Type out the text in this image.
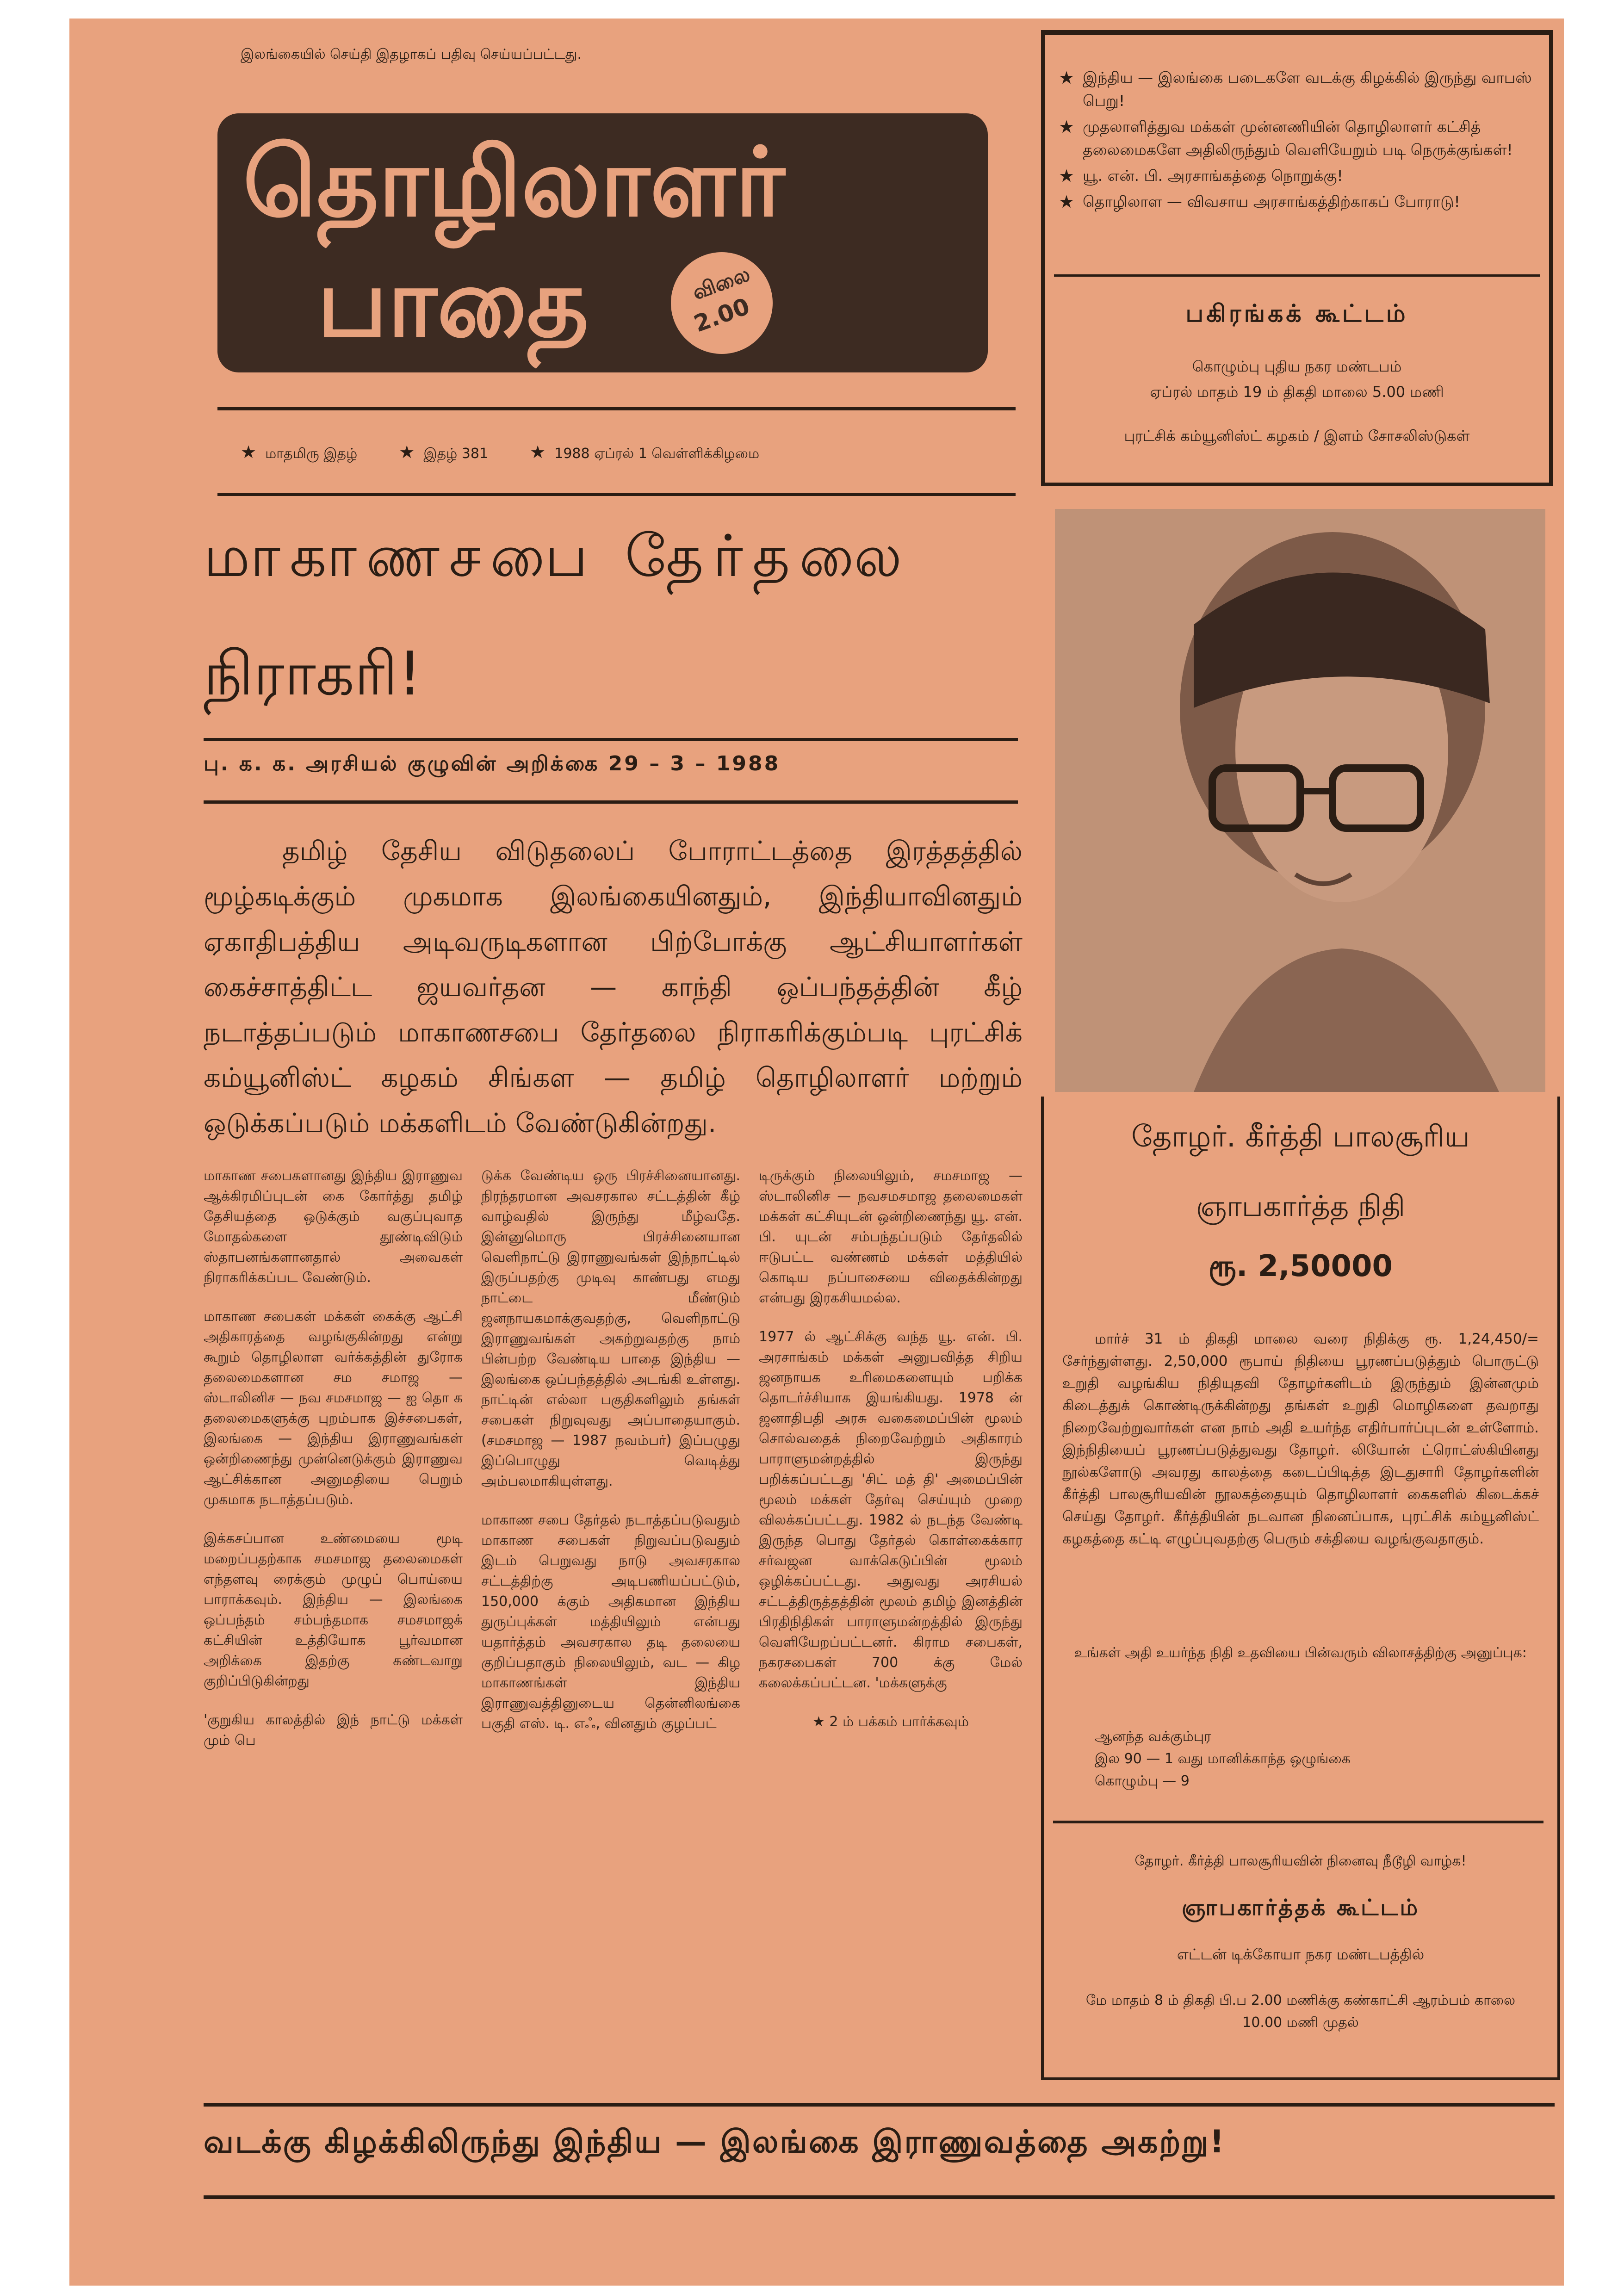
இலங்கையில் செய்தி இதழாகப் பதிவு செய்யப்பட்டது.
தொழிலாளர்
பாதை	விலை
2.00
★ மாதமிரு இதழ் ★ இதழ் 381 ★ 1988 ஏப்ரல் 1 வெள்ளிக்கிழமை
★ இந்திய — இலங்கை படைகளே வடக்கு கிழக்கில் இருந்து வாபஸ் பெறு!
★ முதலாளித்துவ மக்கள் முன்னணியின் தொழிலாளர் கட்சித் தலைமைகளே அதிலிருந்தும் வெளியேறும் படி நெருக்குங்கள்!
★ யூ. என். பி. அரசாங்கத்தை நொறுக்கு!
★ தொழிலாள — விவசாய அரசாங்கத்திற்காகப் போராடு!
பகிரங்கக் கூட்டம்
கொழும்பு புதிய நகர மண்டபம்
ஏப்ரல் மாதம் 19 ம் திகதி மாலை 5.00 மணி
புரட்சிக் கம்யூனிஸ்ட் கழகம் / இளம் சோசலிஸ்டுகள்
மாகாணசபை தேர்தலை
நிராகரி!
பு. க. க. அரசியல் குழுவின் அறிக்கை 29 – 3 – 1988
தமிழ் தேசிய விடுதலைப் போராட்டத்தை இரத்தத்தில் மூழ்கடிக்கும் முகமாக இலங்கையினதும், இந்தியாவினதும் ஏகாதிபத்திய அடிவருடிகளான பிற்போக்கு ஆட்சியாளர்கள் கைச்சாத்திட்ட ஜயவர்தன — காந்தி ஒப்பந்தத்தின் கீழ் நடாத்தப்படும் மாகாணசபை தேர்தலை நிராகரிக்கும்படி புரட்சிக் கம்யூனிஸ்ட் கழகம் சிங்கள — தமிழ் தொழிலாளர் மற்றும் ஒடுக்கப்படும் மக்களிடம் வேண்டுகின்றது.

மாகாண சபைகளானது இந்திய இராணுவ ஆக்கிரமிப்புடன் கை கோர்த்து தமிழ் தேசியத்தை ஒடுக்கும் வகுப்புவாத மோதல்களை தூண்டிவிடும் ஸ்தாபனங்களானதால் அவைகள் நிராகரிக்கப்பட வேண்டும்.

மாகாண சபைகள் மக்கள் கைக்கு ஆட்சி அதிகாரத்தை வழங்குகின்றது என்று கூறும் தொழிலாள வர்க்கத்தின் துரோக தலைமைகளான சம சமாஜ — ஸ்டாலினிச — நவ சமசமாஜ — ஐ தொ க தலைமைகளுக்கு புறம்பாக இச்சபைகள், இலங்கை — இந்திய இராணுவங்கள் ஒன்றிணைந்து முன்னெடுக்கும் இராணுவ ஆட்சிக்கான அனுமதியை பெறும் முகமாக நடாத்தப்படும்.

இக்கசப்பான உண்மையை மூடி மறைப்பதற்காக சமசமாஜ தலைமைகள் எந்தளவு ரைக்கும் முழுப் பொய்யை பாராக்கவும். இந்திய — இலங்கை ஒப்பந்தம் சம்பந்தமாக சமசமாஜக் கட்சியின் உத்தியோக பூர்வமான அறிக்கை இதற்கு கண்டவாறு குறிப்பிடுகின்றது

'குறுகிய காலத்தில் இந் நாட்டு மக்கள் மும் பெ

டுக்க வேண்டிய ஒரு பிரச்சினையானது. நிரந்தரமான அவசரகால சட்டத்தின் கீழ் வாழ்வதில் இருந்து மீழ்வதே. இன்னுமொரு பிரச்சினையான வெளிநாட்டு இராணுவங்கள் இந்நாட்டில் இருப்பதற்கு முடிவு காண்பது எமது நாட்டை மீண்டும் ஜனநாயகமாக்குவதற்கு, வெளிநாட்டு இராணுவங்கள் அகற்றுவதற்கு நாம் பின்பற்ற வேண்டிய பாதை இந்திய — இலங்கை ஒப்பந்தத்தில் அடங்கி உள்ளது. நாட்டின் எல்லா பகுதிகளிலும் தங்கள் சபைகள் நிறுவுவது அப்பாதையாகும். (சமசமாஜ — 1987 நவம்பர்) இப்பழுது இப்பொழுது வெடித்து அம்பலமாகியுள்ளது.

மாகாண சபை தேர்தல் நடாத்தப்படுவதும் மாகாண சபைகள் நிறுவப்படுவதும் இடம் பெறுவது நாடு அவசரகால சட்டத்திற்கு அடிபணியப்பட்டும், 150,000 க்கும் அதிகமான இந்திய துருப்புக்கள் மத்தியிலும் என்பது யதார்த்தம் அவசரகால தடி தலையை குறிப்பதாகும் நிலையிலும், வட — கிழ மாகாணங்கள் இந்திய இராணுவத்தினுடைய தென்னிலங்கை பகுதி எஸ். டி. எஃ, வினதும் குழப்பட்

டிருக்கும் நிலையிலும், சமசமாஜ — ஸ்டாலினிச — நவசமசமாஜ தலைமைகள் மக்கள் கட்சியுடன் ஒன்றிணைந்து யூ. என். பி. யுடன் சம்பந்தப்படும் தேர்தலில் ஈடுபட்ட வண்ணம் மக்கள் மத்தியில் கொடிய நப்பாசையை விதைக்கின்றது என்பது இரகசியமல்ல.

1977 ல் ஆட்சிக்கு வந்த யூ. என். பி. அரசாங்கம் மக்கள் அனுபவித்த சிறிய ஜனநாயக உரிமைகளையும் பறிக்க தொடர்ச்சியாக இயங்கியது. 1978 ன் ஜனாதிபதி அரசு வகைமைப்பின் மூலம் சொல்வதைக் நிறைவேற்றும் அதிகாரம் பாராளுமன்றத்தில் இருந்து பறிக்கப்பட்டது 'சிட் மத் தி' அமைப்பின் மூலம் மக்கள் தேர்வு செய்யும் முறை விலக்கப்பட்டது. 1982 ல் நடந்த வேண்டி இருந்த பொது தேர்தல் கொள்கைக்கார சர்வஜன வாக்கெடுப்பின் மூலம் ஒழிக்கப்பட்டது. அதுவது அரசியல் சட்டத்திருத்தத்தின் மூலம் தமிழ் இனத்தின் பிரதிநிதிகள் பாராளுமன்றத்தில் இருந்து வெளியேறப்பட்டனர். கிராம சபைகள், நகரசபைகள் 700 க்கு மேல் கலைக்கப்பட்டன. 'மக்களுக்கு

★ 2 ம் பக்கம் பார்க்கவும்

தோழர். கீர்த்தி பாலசூரிய
ஞாபகார்த்த நிதி
ரூ. 2,50000
மார்ச் 31 ம் திகதி மாலை வரை நிதிக்கு ரூ. 1,24,450/= சேர்ந்துள்ளது. 2,50,000 ரூபாய் நிதியை பூரணப்படுத்தும் பொருட்டு உறுதி வழங்கிய நிதியுதவி தோழர்களிடம் இருந்தும் இன்னமும் கிடைத்துக் கொண்டிருக்கின்றது தங்கள் உறுதி மொழிகளை தவறாது நிறைவேற்றுவார்கள் என நாம் அதி உயர்ந்த எதிர்பார்ப்புடன் உள்ளோம். இந்நிதியைப் பூரணப்படுத்துவது தோழர். லியோன் ட்ரொட்ஸ்கியினது நூல்களோடு அவரது காலத்தை கடைப்பிடித்த இடதுசாரி தோழர்களின் கீர்த்தி பாலசூரியவின் நூலகத்தையும் தொழிலாளர் கைகளில் கிடைக்கச் செய்து தோழர். கீர்த்தியின் நடவான நினைப்பாக, புரட்சிக் கம்யூனிஸ்ட் கழகத்தை கட்டி எழுப்புவதற்கு பெரும் சக்தியை வழங்குவதாகும்.
உங்கள் அதி உயர்ந்த நிதி உதவியை பின்வரும் விலாசத்திற்கு அனுப்புக:
ஆனந்த வக்கும்புர
இல 90 — 1 வது மானிக்காந்த ஒழுங்கை
கொழும்பு — 9
தோழர். கீர்த்தி பாலசூரியவின் நினைவு நீடூழி வாழ்க!
ஞாபகார்த்தக் கூட்டம்
எட்டன் டிக்கோயா நகர மண்டபத்தில்
மே மாதம் 8 ம் திகதி பி.ப 2.00 மணிக்கு கண்காட்சி ஆரம்பம் காலை 10.00 மணி முதல்
வடக்கு கிழக்கிலிருந்து இந்திய — இலங்கை இராணுவத்தை அகற்று!
